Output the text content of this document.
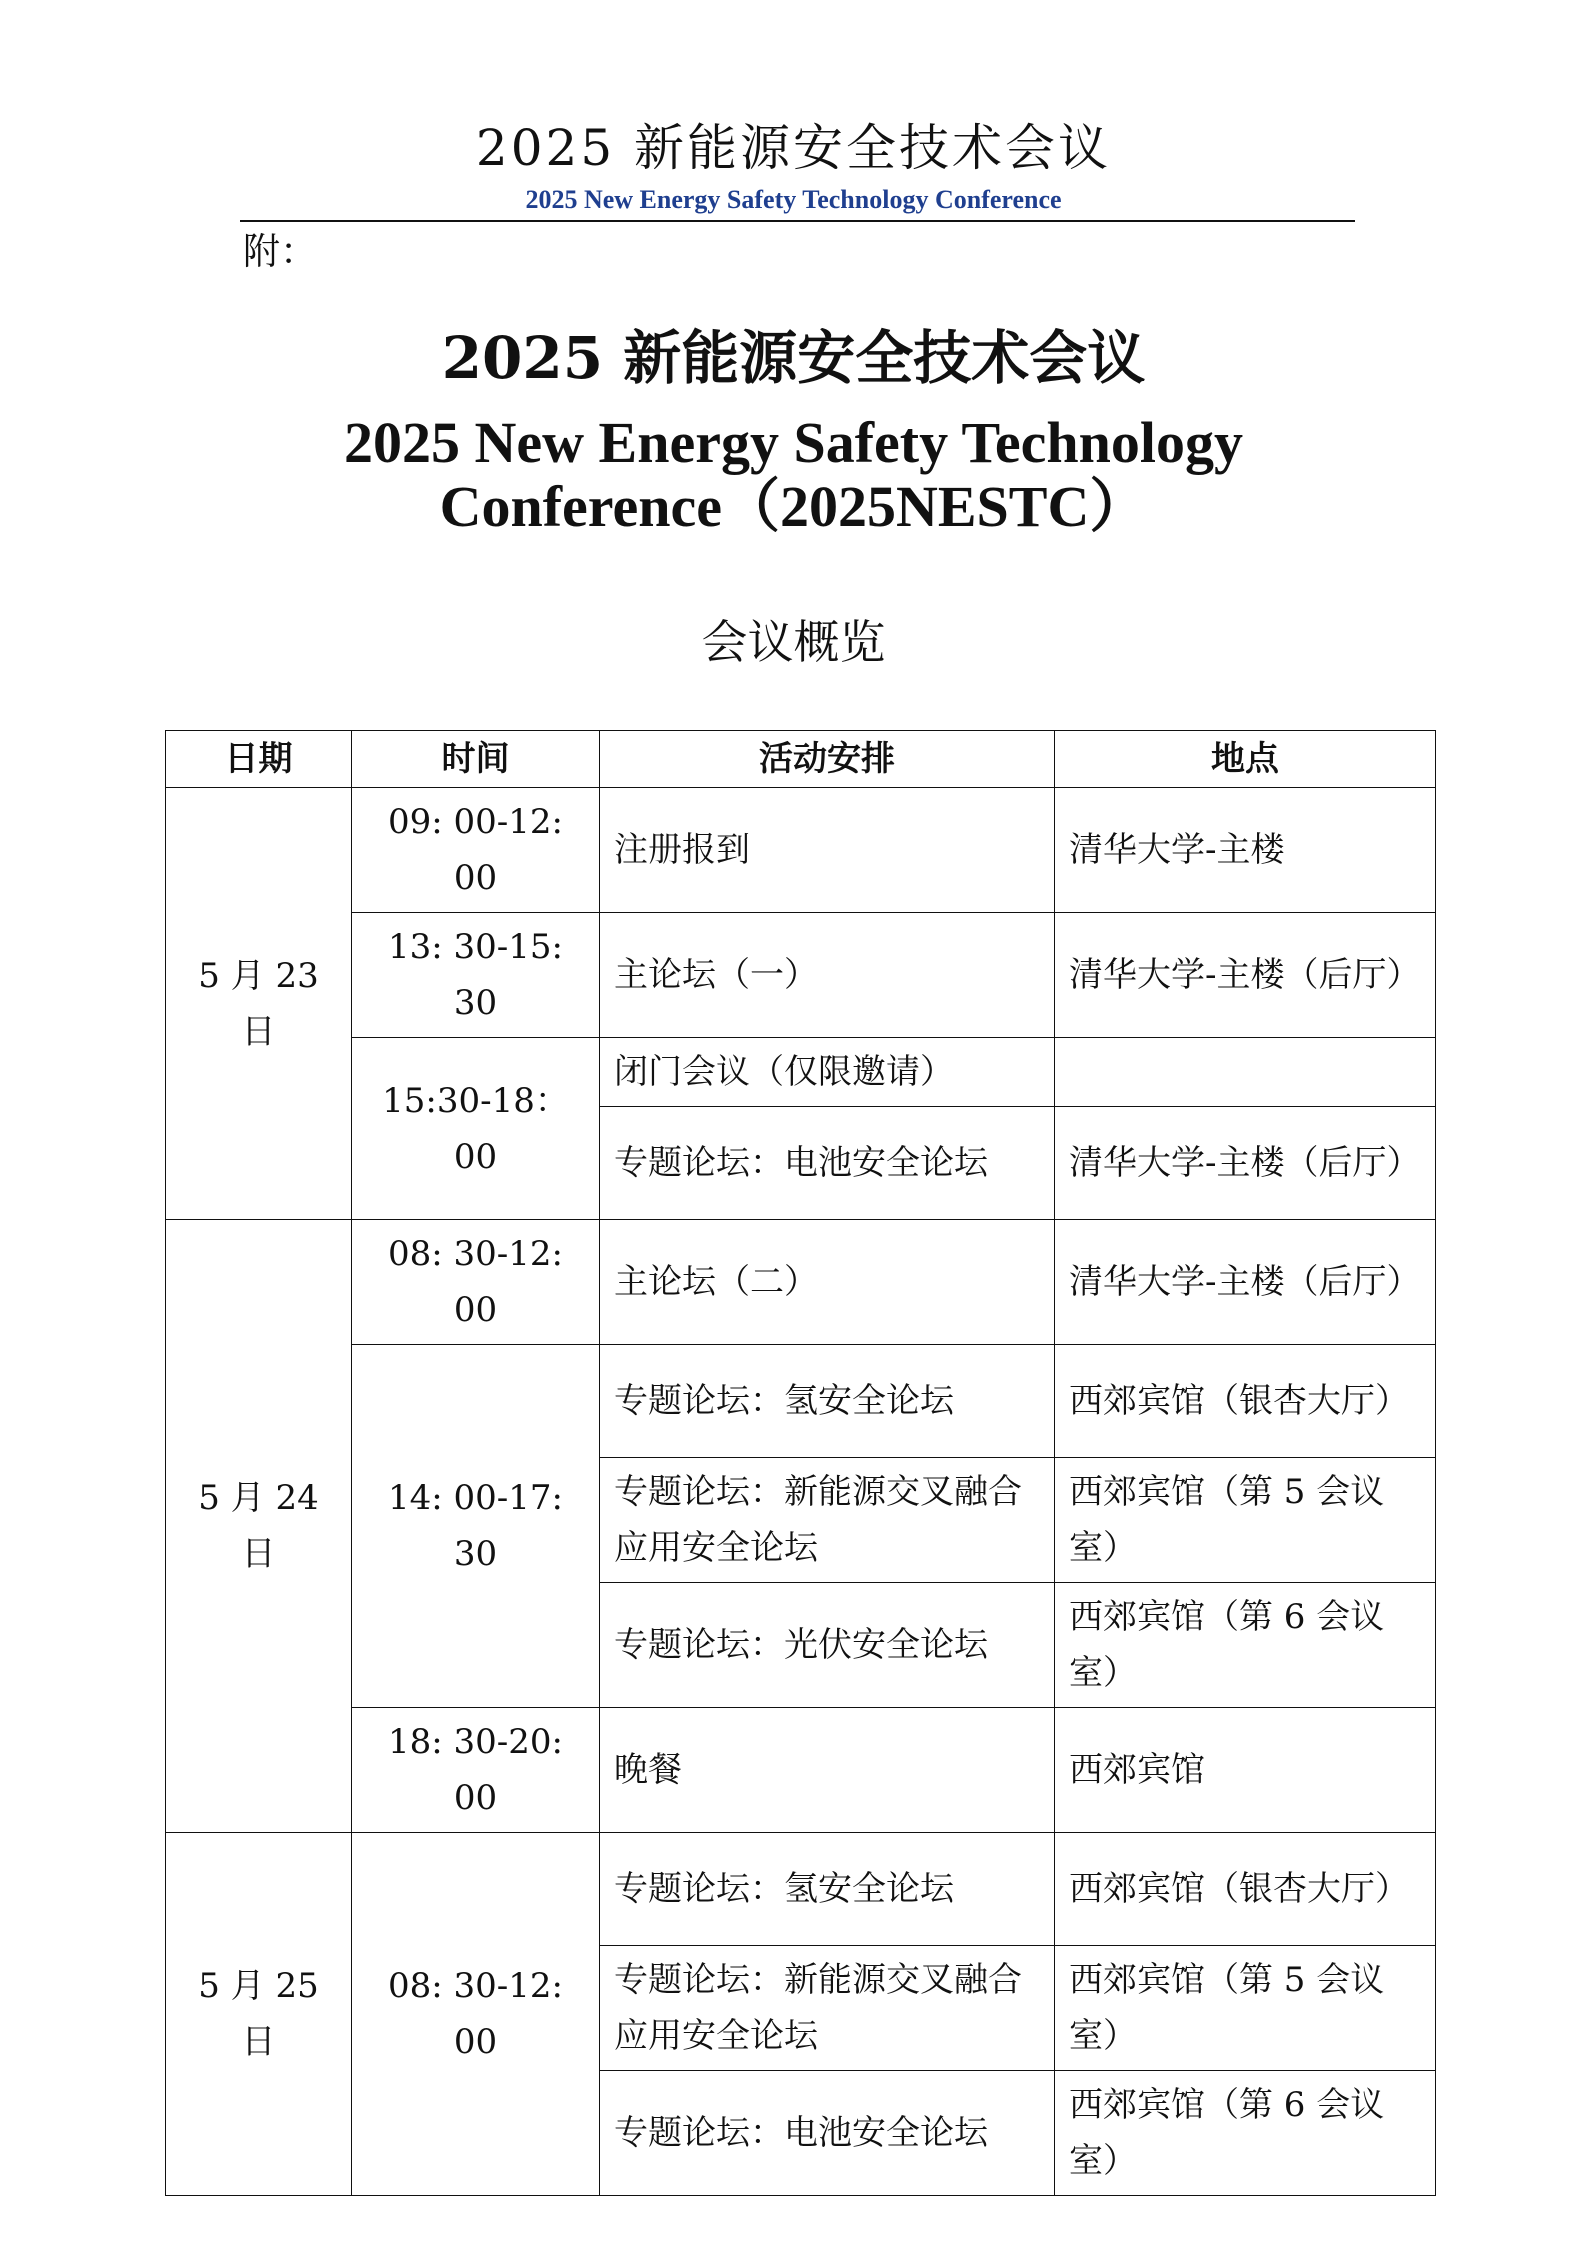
2025 新能源安全技术会议
2025 New Energy Safety Technology Conference
附：
2025 新能源安全技术会议
2025 New Energy Safety Technology
Conference（2025NESTC）
会议概览
日期	时间	活动安排	地点
5 月 23 日	09: 00-12: 00	注册报到	清华大学-主楼
	13: 30-15: 30	主论坛（一）	清华大学-主楼（后厅）
	15:30-18：00	闭门会议（仅限邀请）	
		专题论坛：电池安全论坛	清华大学-主楼（后厅）
5 月 24 日	08: 30-12: 00	主论坛（二）	清华大学-主楼（后厅）
	14: 00-17: 30	专题论坛：氢安全论坛	西郊宾馆（银杏大厅）
		专题论坛：新能源交叉融合应用安全论坛	西郊宾馆（第 5 会议室）
		专题论坛：光伏安全论坛	西郊宾馆（第 6 会议室）
	18: 30-20: 00	晚餐	西郊宾馆
5 月 25 日	08: 30-12: 00	专题论坛：氢安全论坛	西郊宾馆（银杏大厅）
		专题论坛：新能源交叉融合应用安全论坛	西郊宾馆（第 5 会议室）
		专题论坛：电池安全论坛	西郊宾馆（第 6 会议室）
